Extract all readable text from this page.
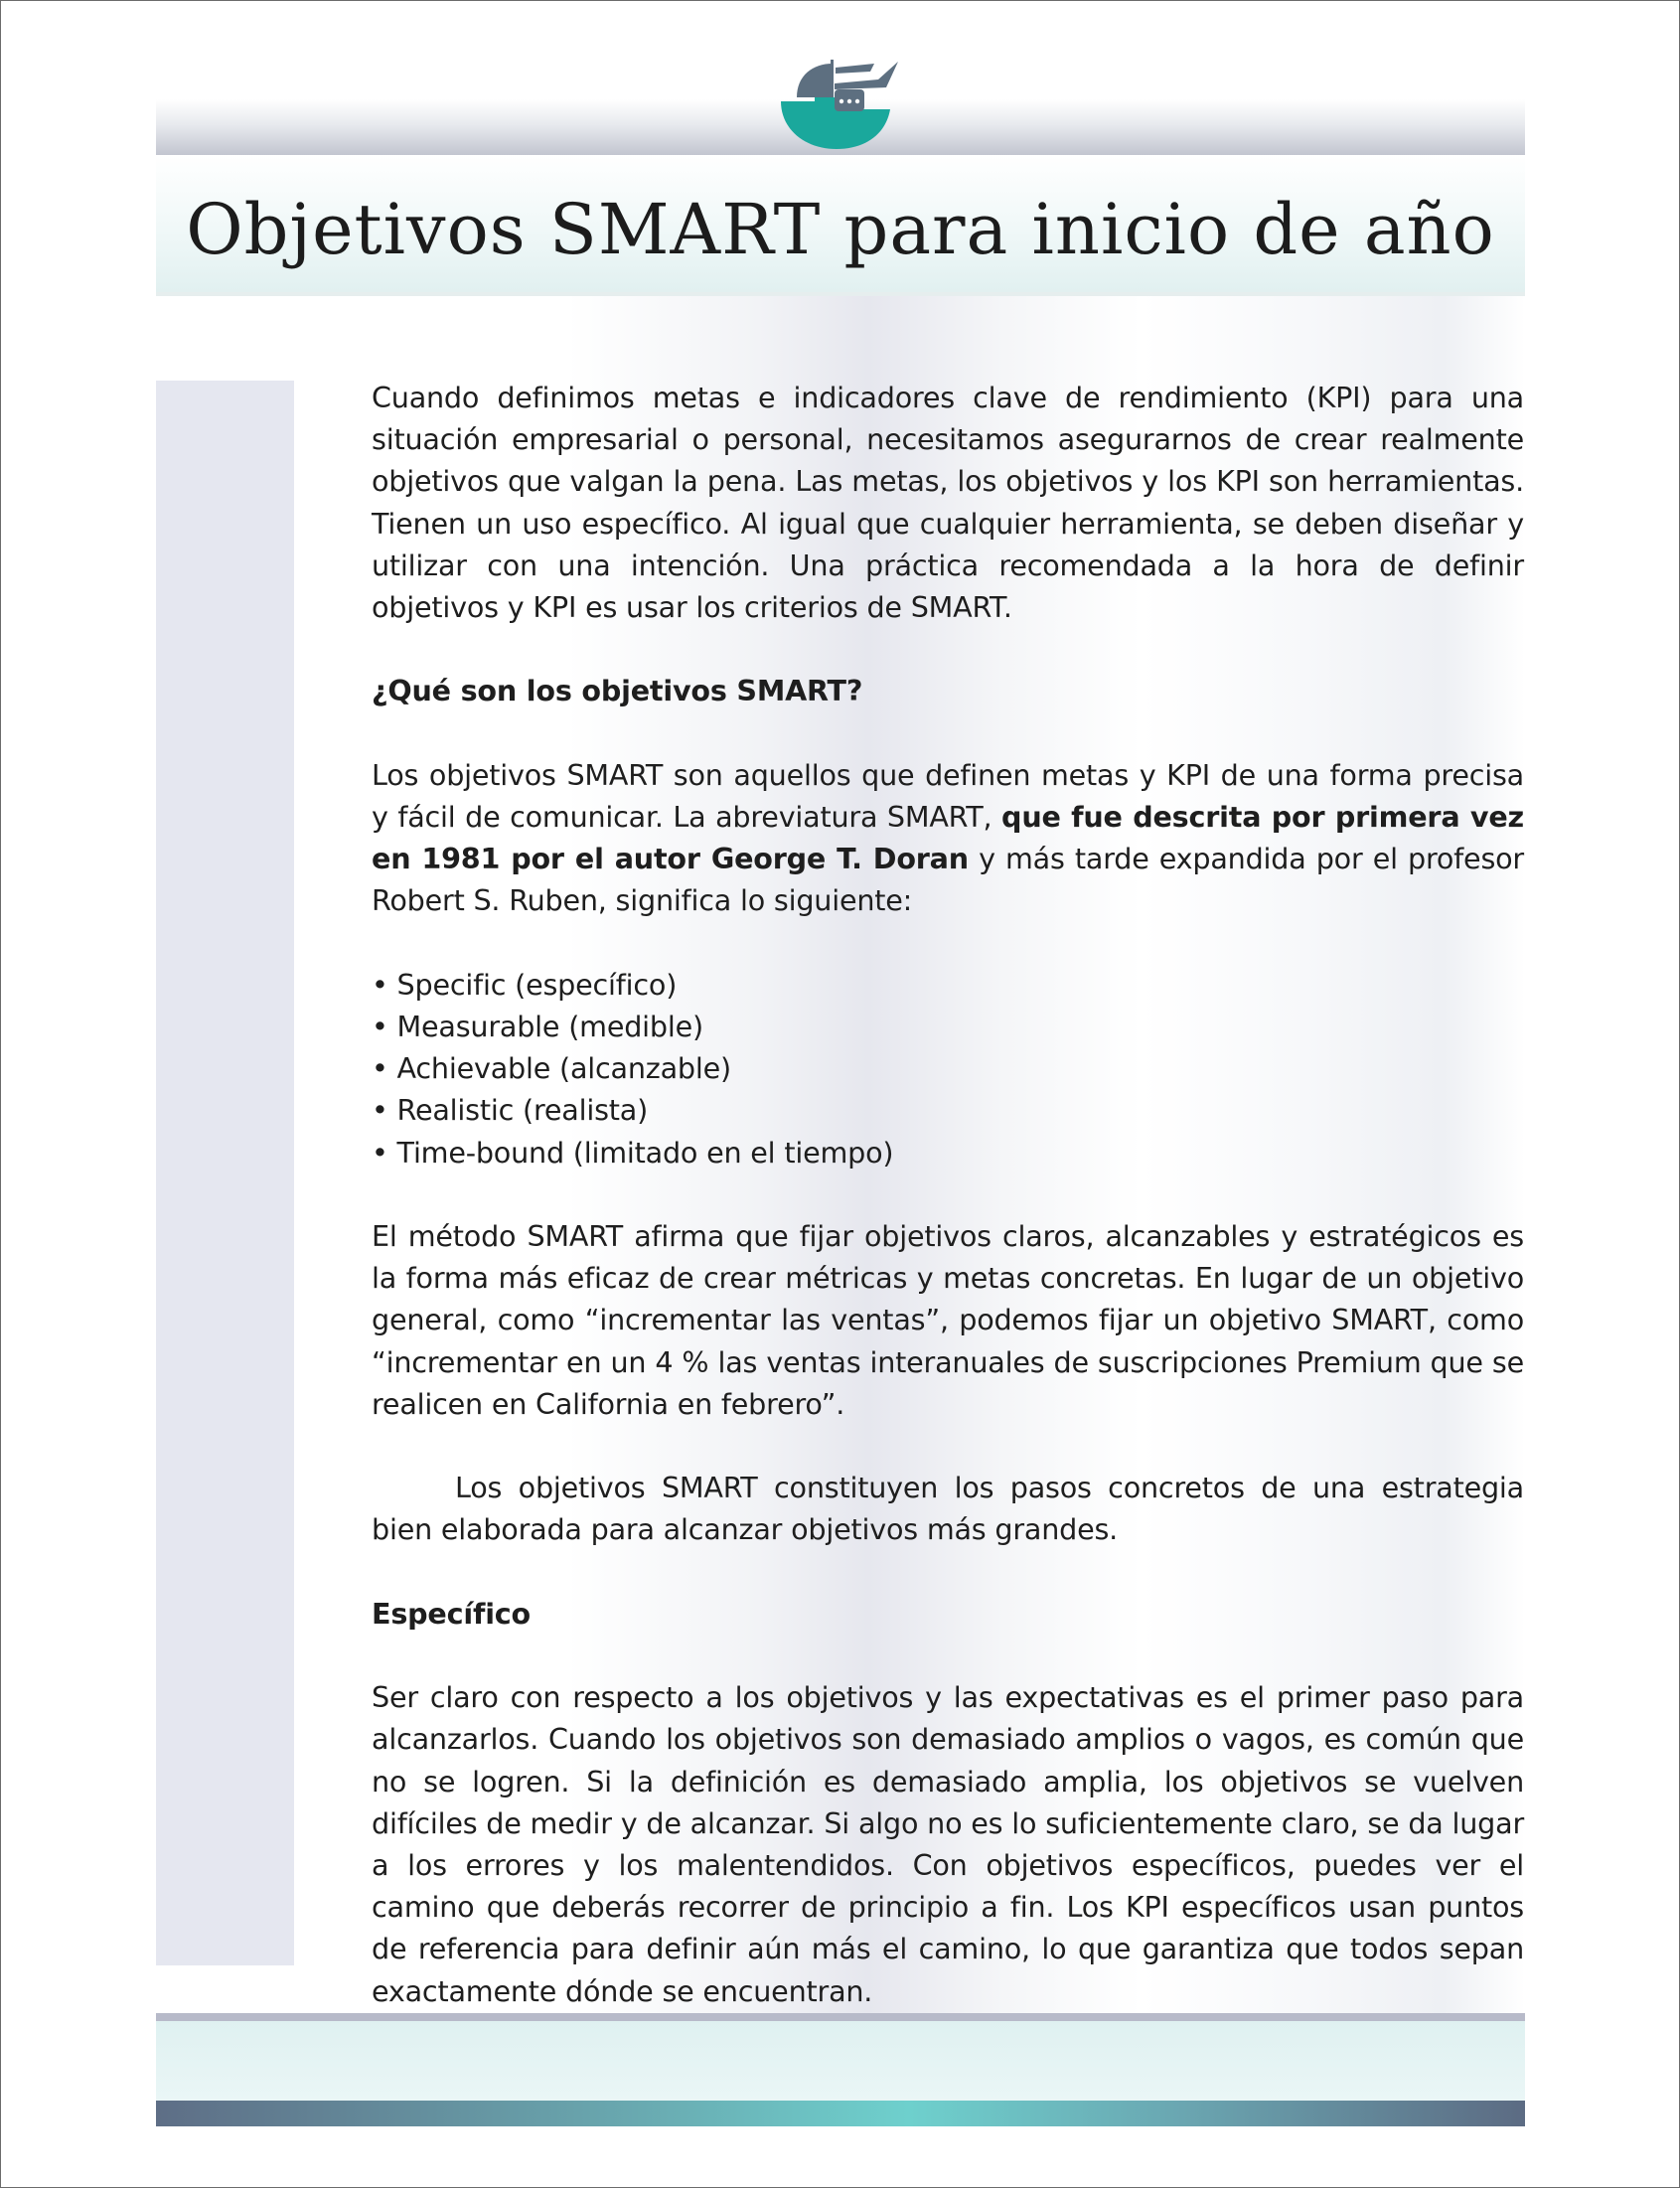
Objetivos SMART para inicio de año

Cuando definimos metas e indicadores clave de rendimiento (KPI) para una situación empresarial o personal, necesitamos asegurarnos de crear realmente objetivos que valgan la pena. Las metas, los objetivos y los KPI son herramientas. Tienen un uso específico. Al igual que cualquier herramienta, se deben diseñar y utilizar con una intención. Una práctica recomendada a la hora de definir objetivos y KPI es usar los criterios de SMART.

¿Qué son los objetivos SMART?

Los objetivos SMART son aquellos que definen metas y KPI de una forma precisa y fácil de comunicar. La abreviatura SMART, que fue descrita por primera vez en 1981 por el autor George T. Doran y más tarde expandida por el profesor Robert S. Ruben, significa lo siguiente:

• Specific (específico)
• Measurable (medible)
• Achievable (alcanzable)
• Realistic (realista)
• Time-bound (limitado en el tiempo)

El método SMART afirma que fijar objetivos claros, alcanzables y estratégicos es la forma más eficaz de crear métricas y metas concretas. En lugar de un objetivo general, como “incrementar las ventas”, podemos fijar un objetivo SMART, como “incrementar en un 4 % las ventas interanuales de suscripciones Premium que se realicen en California en febrero”.

Los objetivos SMART constituyen los pasos concretos de una estrategia bien elaborada para alcanzar objetivos más grandes.

Específico

Ser claro con respecto a los objetivos y las expectativas es el primer paso para alcanzarlos. Cuando los objetivos son demasiado amplios o vagos, es común que no se logren. Si la definición es demasiado amplia, los objetivos se vuelven difíciles de medir y de alcanzar. Si algo no es lo suficientemente claro, se da lugar a los errores y los malentendidos. Con objetivos específicos, puedes ver el camino que deberás recorrer de principio a fin. Los KPI específicos usan puntos de referencia para definir aún más el camino, lo que garantiza que todos sepan exactamente dónde se encuentran.
